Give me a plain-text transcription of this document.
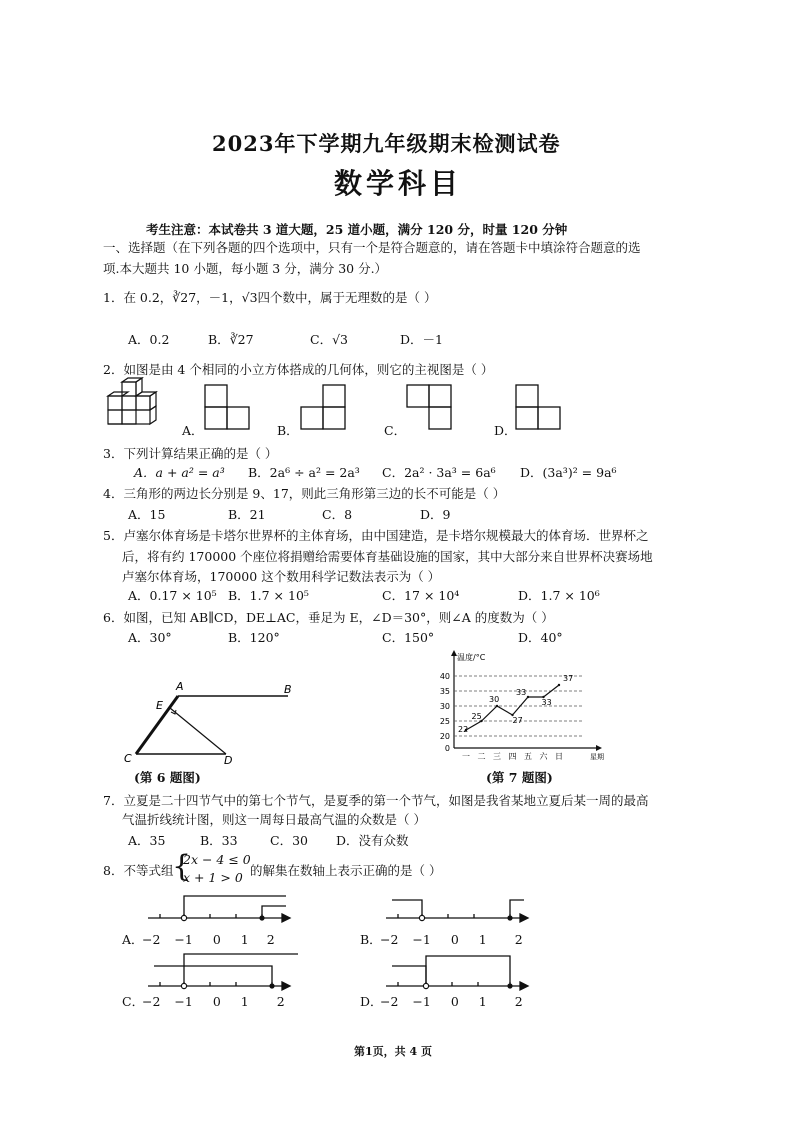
2023年下学期九年级期末检测试卷
数学科目
考生注意：本试卷共 3 道大题，25 道小题，满分 120 分，时量 120 分钟
一、选择题（在下列各题的四个选项中，只有一个是符合题意的，请在答题卡中填涂符合题意的选
项.本大题共 10 小题，每小题 3 分，满分 30 分.）
1．在 0.2，∛27，－1，√3四个数中，属于无理数的是（ ）
A．0.2	B．∛27	C．√3	D．－1
2．如图是由 4 个相同的小立方体搭成的几何体，则它的主视图是（ ）
A．	B．	C．	D．
3．下列计算结果正确的是（ ）
A．a + a² = a³ B．2a⁶ ÷ a² = 2a³ C．2a² · 3a³ = 6a⁶ D．(3a³)² = 9a⁶
4．三角形的两边长分别是 9、17，则此三角形第三边的长不可能是（ ）
A．15	B．21	C．8	D．9
5．卢塞尔体育场是卡塔尔世界杯的主体育场，由中国建造，是卡塔尔规模最大的体育场．世界杯之
后，将有约 170000 个座位将捐赠给需要体育基础设施的国家，其中大部分来自世界杯决赛场地
卢塞尔体育场，170000 这个数用科学记数法表示为（ ）
A．0.17 × 10⁵ B．1.7 × 10⁵	C．17 × 10⁴	D．1.7 × 10⁶
6．如图，已知 AB∥CD，DE⊥AC，垂足为 E，∠D＝30°，则∠A 的度数为（ ）
A．30°	B．120°	C．150°	D．40°
A	B
E
C	D
(第 6 题图)
0
20
25
30
35
40
温度/°C
星期
一 二 三 四 五 六 日
22
25
30
27
33
33
37
(第 7 题图)
7．立夏是二十四节气中的第七个节气，是夏季的第一个节气，如图是我省某地立夏后某一周的最高
气温折线统计图，则这一周每日最高气温的众数是（ ）
A．35	B．33	C．30 D．没有众数
8．不等式组
{
2x − 4 ≤ 0
x + 1 > 0 的解集在数轴上表示正确的是（ ）
A．
−2 −1 0 1 2	B．
−2 −1 0 1 2
C．
−2 −1 0 1 2	D．
−2 −1 0 1 2
第1页，共 4 页
